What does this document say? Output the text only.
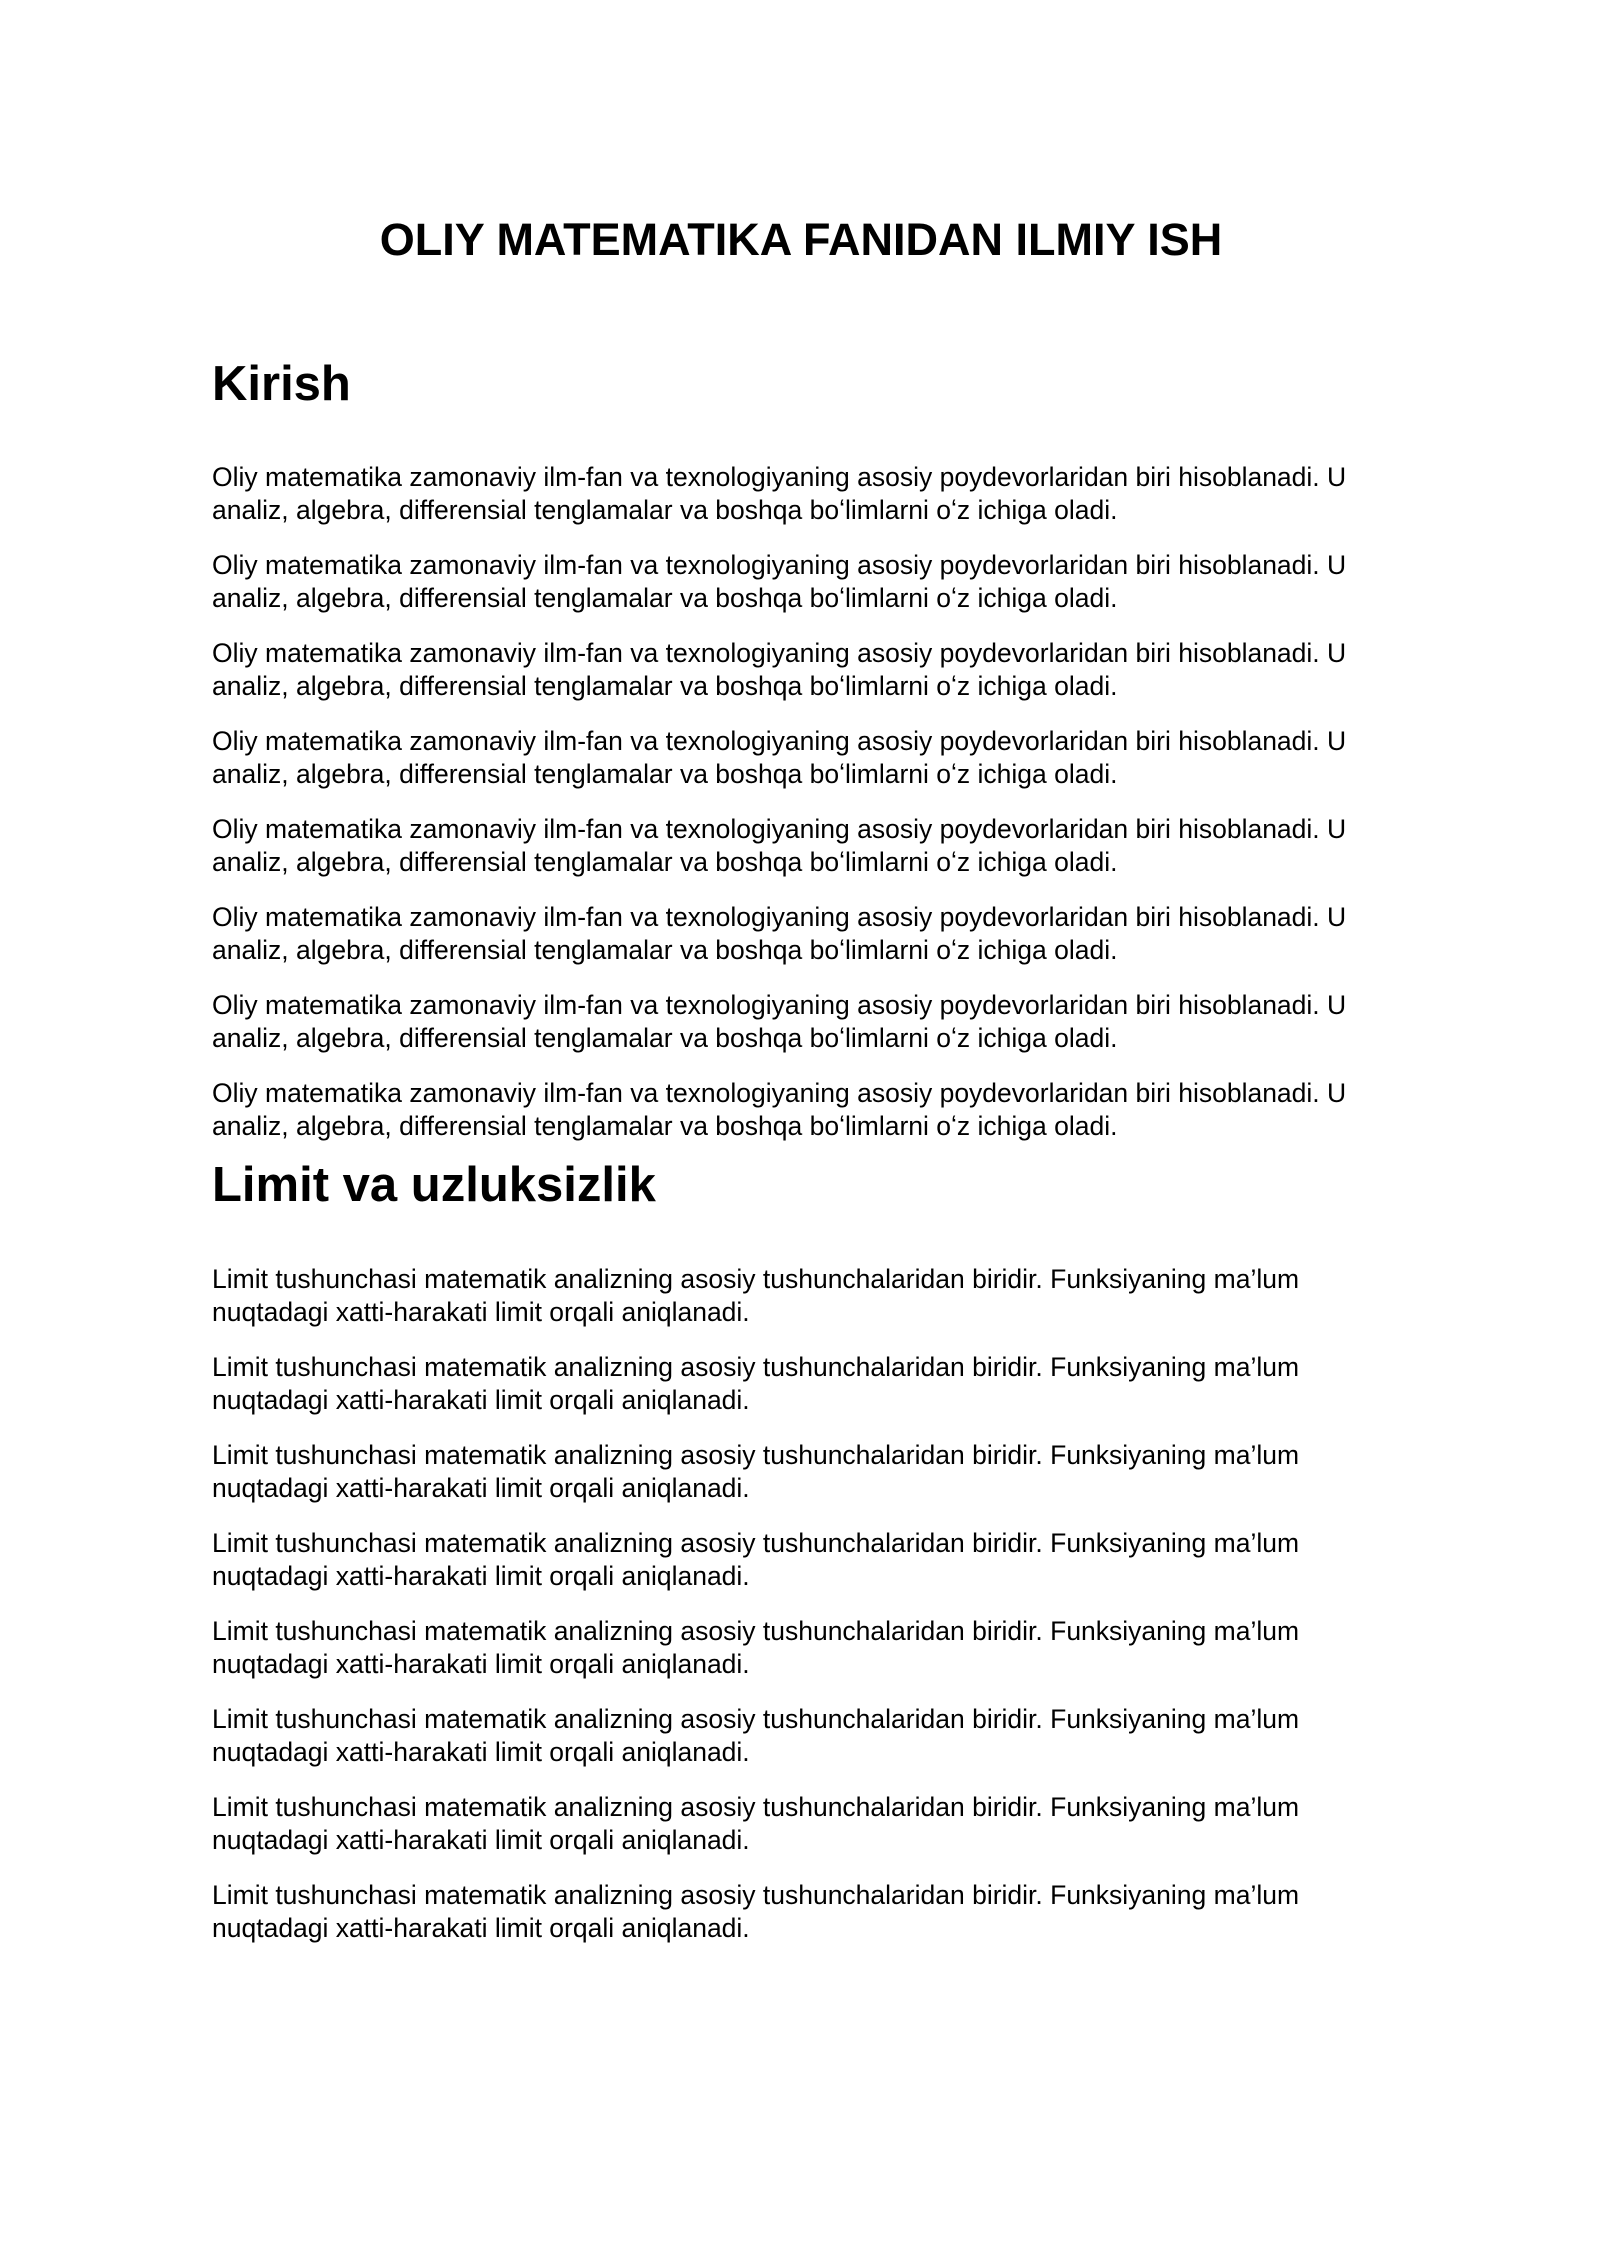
OLIY MATEMATIKA FANIDAN ILMIY ISH
Kirish

Oliy matematika zamonaviy ilm-fan va texnologiyaning asosiy poydevorlaridan biri hisoblanadi. U analiz, algebra, differensial tenglamalar va boshqa boʻlimlarni oʻz ichiga oladi.

Oliy matematika zamonaviy ilm-fan va texnologiyaning asosiy poydevorlaridan biri hisoblanadi. U analiz, algebra, differensial tenglamalar va boshqa boʻlimlarni oʻz ichiga oladi.

Oliy matematika zamonaviy ilm-fan va texnologiyaning asosiy poydevorlaridan biri hisoblanadi. U analiz, algebra, differensial tenglamalar va boshqa boʻlimlarni oʻz ichiga oladi.

Oliy matematika zamonaviy ilm-fan va texnologiyaning asosiy poydevorlaridan biri hisoblanadi. U analiz, algebra, differensial tenglamalar va boshqa boʻlimlarni oʻz ichiga oladi.

Oliy matematika zamonaviy ilm-fan va texnologiyaning asosiy poydevorlaridan biri hisoblanadi. U analiz, algebra, differensial tenglamalar va boshqa boʻlimlarni oʻz ichiga oladi.

Oliy matematika zamonaviy ilm-fan va texnologiyaning asosiy poydevorlaridan biri hisoblanadi. U analiz, algebra, differensial tenglamalar va boshqa boʻlimlarni oʻz ichiga oladi.

Oliy matematika zamonaviy ilm-fan va texnologiyaning asosiy poydevorlaridan biri hisoblanadi. U analiz, algebra, differensial tenglamalar va boshqa boʻlimlarni oʻz ichiga oladi.

Oliy matematika zamonaviy ilm-fan va texnologiyaning asosiy poydevorlaridan biri hisoblanadi. U analiz, algebra, differensial tenglamalar va boshqa boʻlimlarni oʻz ichiga oladi.

Limit va uzluksizlik

Limit tushunchasi matematik analizning asosiy tushunchalaridan biridir. Funksiyaning ma’lum nuqtadagi xatti-harakati limit orqali aniqlanadi.

Limit tushunchasi matematik analizning asosiy tushunchalaridan biridir. Funksiyaning ma’lum nuqtadagi xatti-harakati limit orqali aniqlanadi.

Limit tushunchasi matematik analizning asosiy tushunchalaridan biridir. Funksiyaning ma’lum nuqtadagi xatti-harakati limit orqali aniqlanadi.

Limit tushunchasi matematik analizning asosiy tushunchalaridan biridir. Funksiyaning ma’lum nuqtadagi xatti-harakati limit orqali aniqlanadi.

Limit tushunchasi matematik analizning asosiy tushunchalaridan biridir. Funksiyaning ma’lum nuqtadagi xatti-harakati limit orqali aniqlanadi.

Limit tushunchasi matematik analizning asosiy tushunchalaridan biridir. Funksiyaning ma’lum nuqtadagi xatti-harakati limit orqali aniqlanadi.

Limit tushunchasi matematik analizning asosiy tushunchalaridan biridir. Funksiyaning ma’lum nuqtadagi xatti-harakati limit orqali aniqlanadi.

Limit tushunchasi matematik analizning asosiy tushunchalaridan biridir. Funksiyaning ma’lum nuqtadagi xatti-harakati limit orqali aniqlanadi.
